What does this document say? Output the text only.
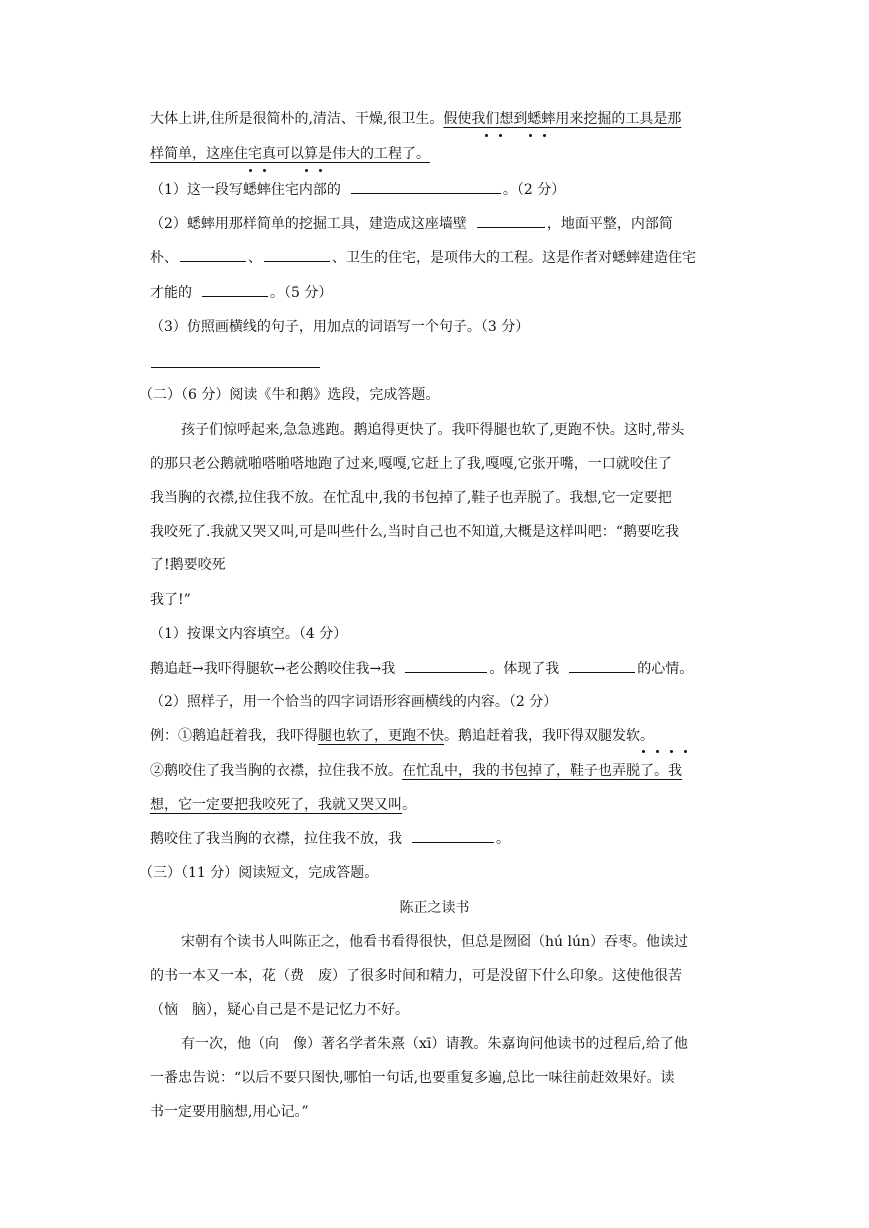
大体上讲,住所是很简朴的,清洁、干燥,很卫生。假使我们想到蟋蟀用来挖掘的工具是那
样简单，这座住宅真可以算是伟大的工程了。
（1）这一段写蟋蟀住宅内部的	。（2 分）
（2）蟋蟀用那样简单的挖掘工具，建造成这座墙壁	，地面平整，内部简
朴、	、	、卫生的住宅，是项伟大的工程。这是作者对蟋蟀建造住宅
才能的	。（5 分）
（3）仿照画横线的句子，用加点的词语写一个句子。（3 分）
（二）（6 分）阅读《牛和鹅》选段，完成答题。
孩子们惊呼起来,急急逃跑。鹅追得更快了。我吓得腿也软了,更跑不快。这时,带头
的那只老公鹅就啪嗒啪嗒地跑了过来,嘎嘎,它赶上了我,嘎嘎,它张开嘴，一口就咬住了
我当胸的衣襟,拉住我不放。在忙乱中,我的书包掉了,鞋子也弄脱了。我想,它一定要把
我咬死了.我就又哭又叫,可是叫些什么,当时自己也不知道,大概是这样叫吧：“鹅要吃我
了!鹅要咬死
我了!”
（1）按课文内容填空。（4 分）
鹅追赶→我吓得腿软→老公鹅咬住我→我	。体现了我	的心情。
（2）照样子，用一个恰当的四字词语形容画横线的内容。（2 分）
例：①鹅追赶着我，我吓得腿也软了，更跑不快。鹅追赶着我，我吓得双腿发软。
②鹅咬住了我当胸的衣襟，拉住我不放。在忙乱中，我的书包掉了，鞋子也弄脱了。我
想，它一定要把我咬死了，我就又哭又叫。
鹅咬住了我当胸的衣襟，拉住我不放，我	。
（三）（11 分）阅读短文，完成答题。
陈正之读书
宋朝有个读书人叫陈正之，他看书看得很快，但总是囫囵（hú lún）吞枣。他读过
的书一本又一本，花（费　废）了很多时间和精力，可是没留下什么印象。这使他很苦
（恼　脑），疑心自己是不是记忆力不好。
有一次，他（向　像）著名学者朱熹（xī）请教。朱嘉询问他读书的过程后,给了他
一番忠告说：“以后不要只图快,哪怕一句话,也要重复多遍,总比一味往前赶效果好。读
书一定要用脑想,用心记。”
